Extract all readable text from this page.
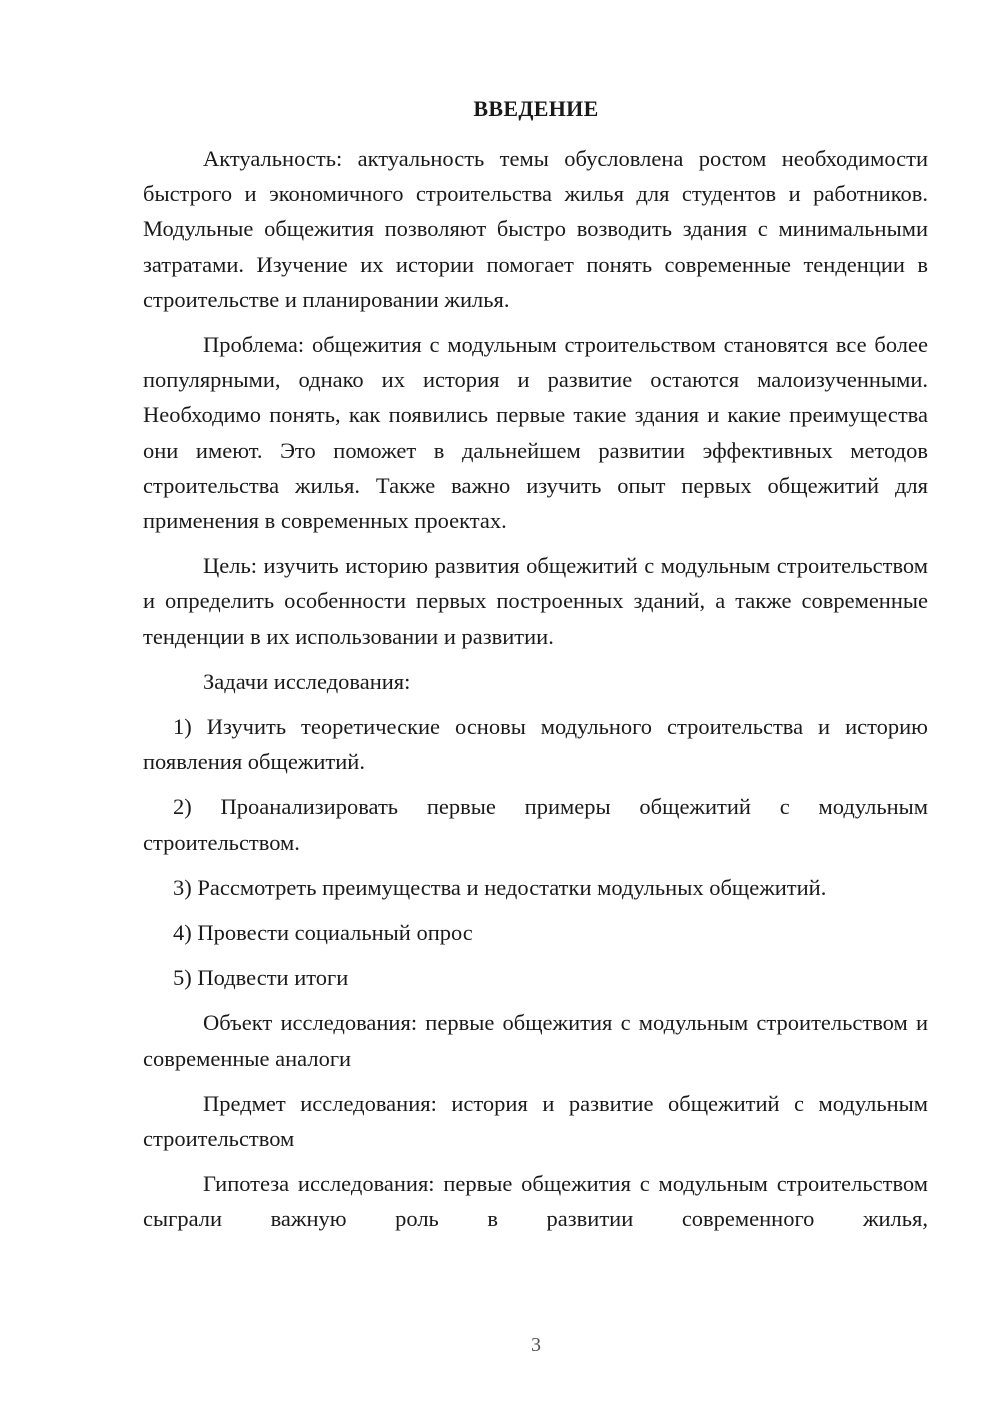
ВВЕДЕНИЕ

Актуальность: актуальность темы обусловлена ростом необходимости быстрого и экономичного строительства жилья для студентов и работников. Модульные общежития позволяют быстро возводить здания с минимальными затратами. Изучение их истории помогает понять современные тенденции в строительстве и планировании жилья.

Проблема: общежития с модульным строительством становятся все более популярными, однако их история и развитие остаются малоизученными. Необходимо понять, как появились первые такие здания и какие преимущества они имеют. Это поможет в дальнейшем развитии эффективных методов строительства жилья. Также важно изучить опыт первых общежитий для применения в современных проектах.

Цель: изучить историю развития общежитий с модульным строительством и определить особенности первых построенных зданий, а также современные тенденции в их использовании и развитии.

Задачи исследования:

1) Изучить теоретические основы модульного строительства и историю появления общежитий.

2) Проанализировать первые примеры общежитий с модульным строительством.

3) Рассмотреть преимущества и недостатки модульных общежитий.

4) Провести социальный опрос

5) Подвести итоги

Объект исследования: первые общежития с модульным строительством и современные аналоги

Предмет исследования: история и развитие общежитий с модульным строительством

Гипотеза исследования: первые общежития с модульным строительством сыграли важную роль в развитии современного жилья,

3
